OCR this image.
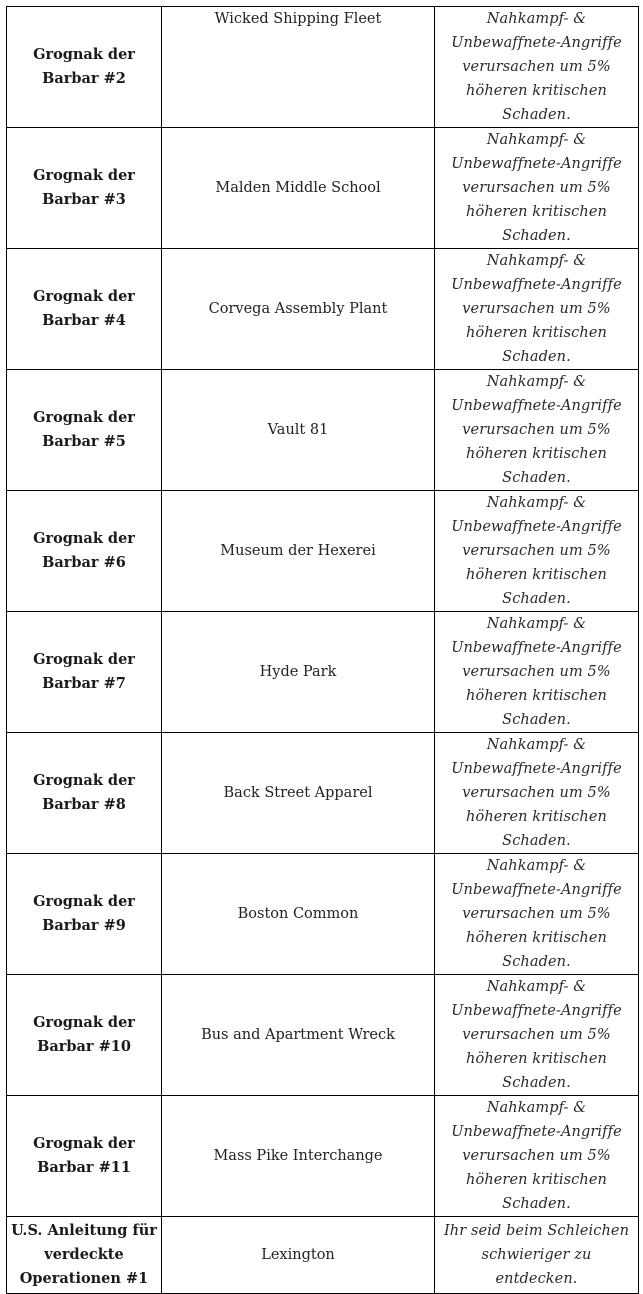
Grognak der Barbar #2	Wicked Shipping Fleet	Nahkampf- & Unbewaffnete-Angriffe verursachen um 5% höheren kritischen Schaden.
Grognak der Barbar #3	Malden Middle School	Nahkampf- & Unbewaffnete-Angriffe verursachen um 5% höheren kritischen Schaden.
Grognak der Barbar #4	Corvega Assembly Plant	Nahkampf- & Unbewaffnete-Angriffe verursachen um 5% höheren kritischen Schaden.
Grognak der Barbar #5	Vault 81	Nahkampf- & Unbewaffnete-Angriffe verursachen um 5% höheren kritischen Schaden.
Grognak der Barbar #6	Museum der Hexerei	Nahkampf- & Unbewaffnete-Angriffe verursachen um 5% höheren kritischen Schaden.
Grognak der Barbar #7	Hyde Park	Nahkampf- & Unbewaffnete-Angriffe verursachen um 5% höheren kritischen Schaden.
Grognak der Barbar #8	Back Street Apparel	Nahkampf- & Unbewaffnete-Angriffe verursachen um 5% höheren kritischen Schaden.
Grognak der Barbar #9	Boston Common	Nahkampf- & Unbewaffnete-Angriffe verursachen um 5% höheren kritischen Schaden.
Grognak der Barbar #10	Bus and Apartment Wreck	Nahkampf- & Unbewaffnete-Angriffe verursachen um 5% höheren kritischen Schaden.
Grognak der Barbar #11	Mass Pike Interchange	Nahkampf- & Unbewaffnete-Angriffe verursachen um 5% höheren kritischen Schaden.
U.S. Anleitung für verdeckte Operationen #1	Lexington	Ihr seid beim Schleichen schwieriger zu entdecken.
